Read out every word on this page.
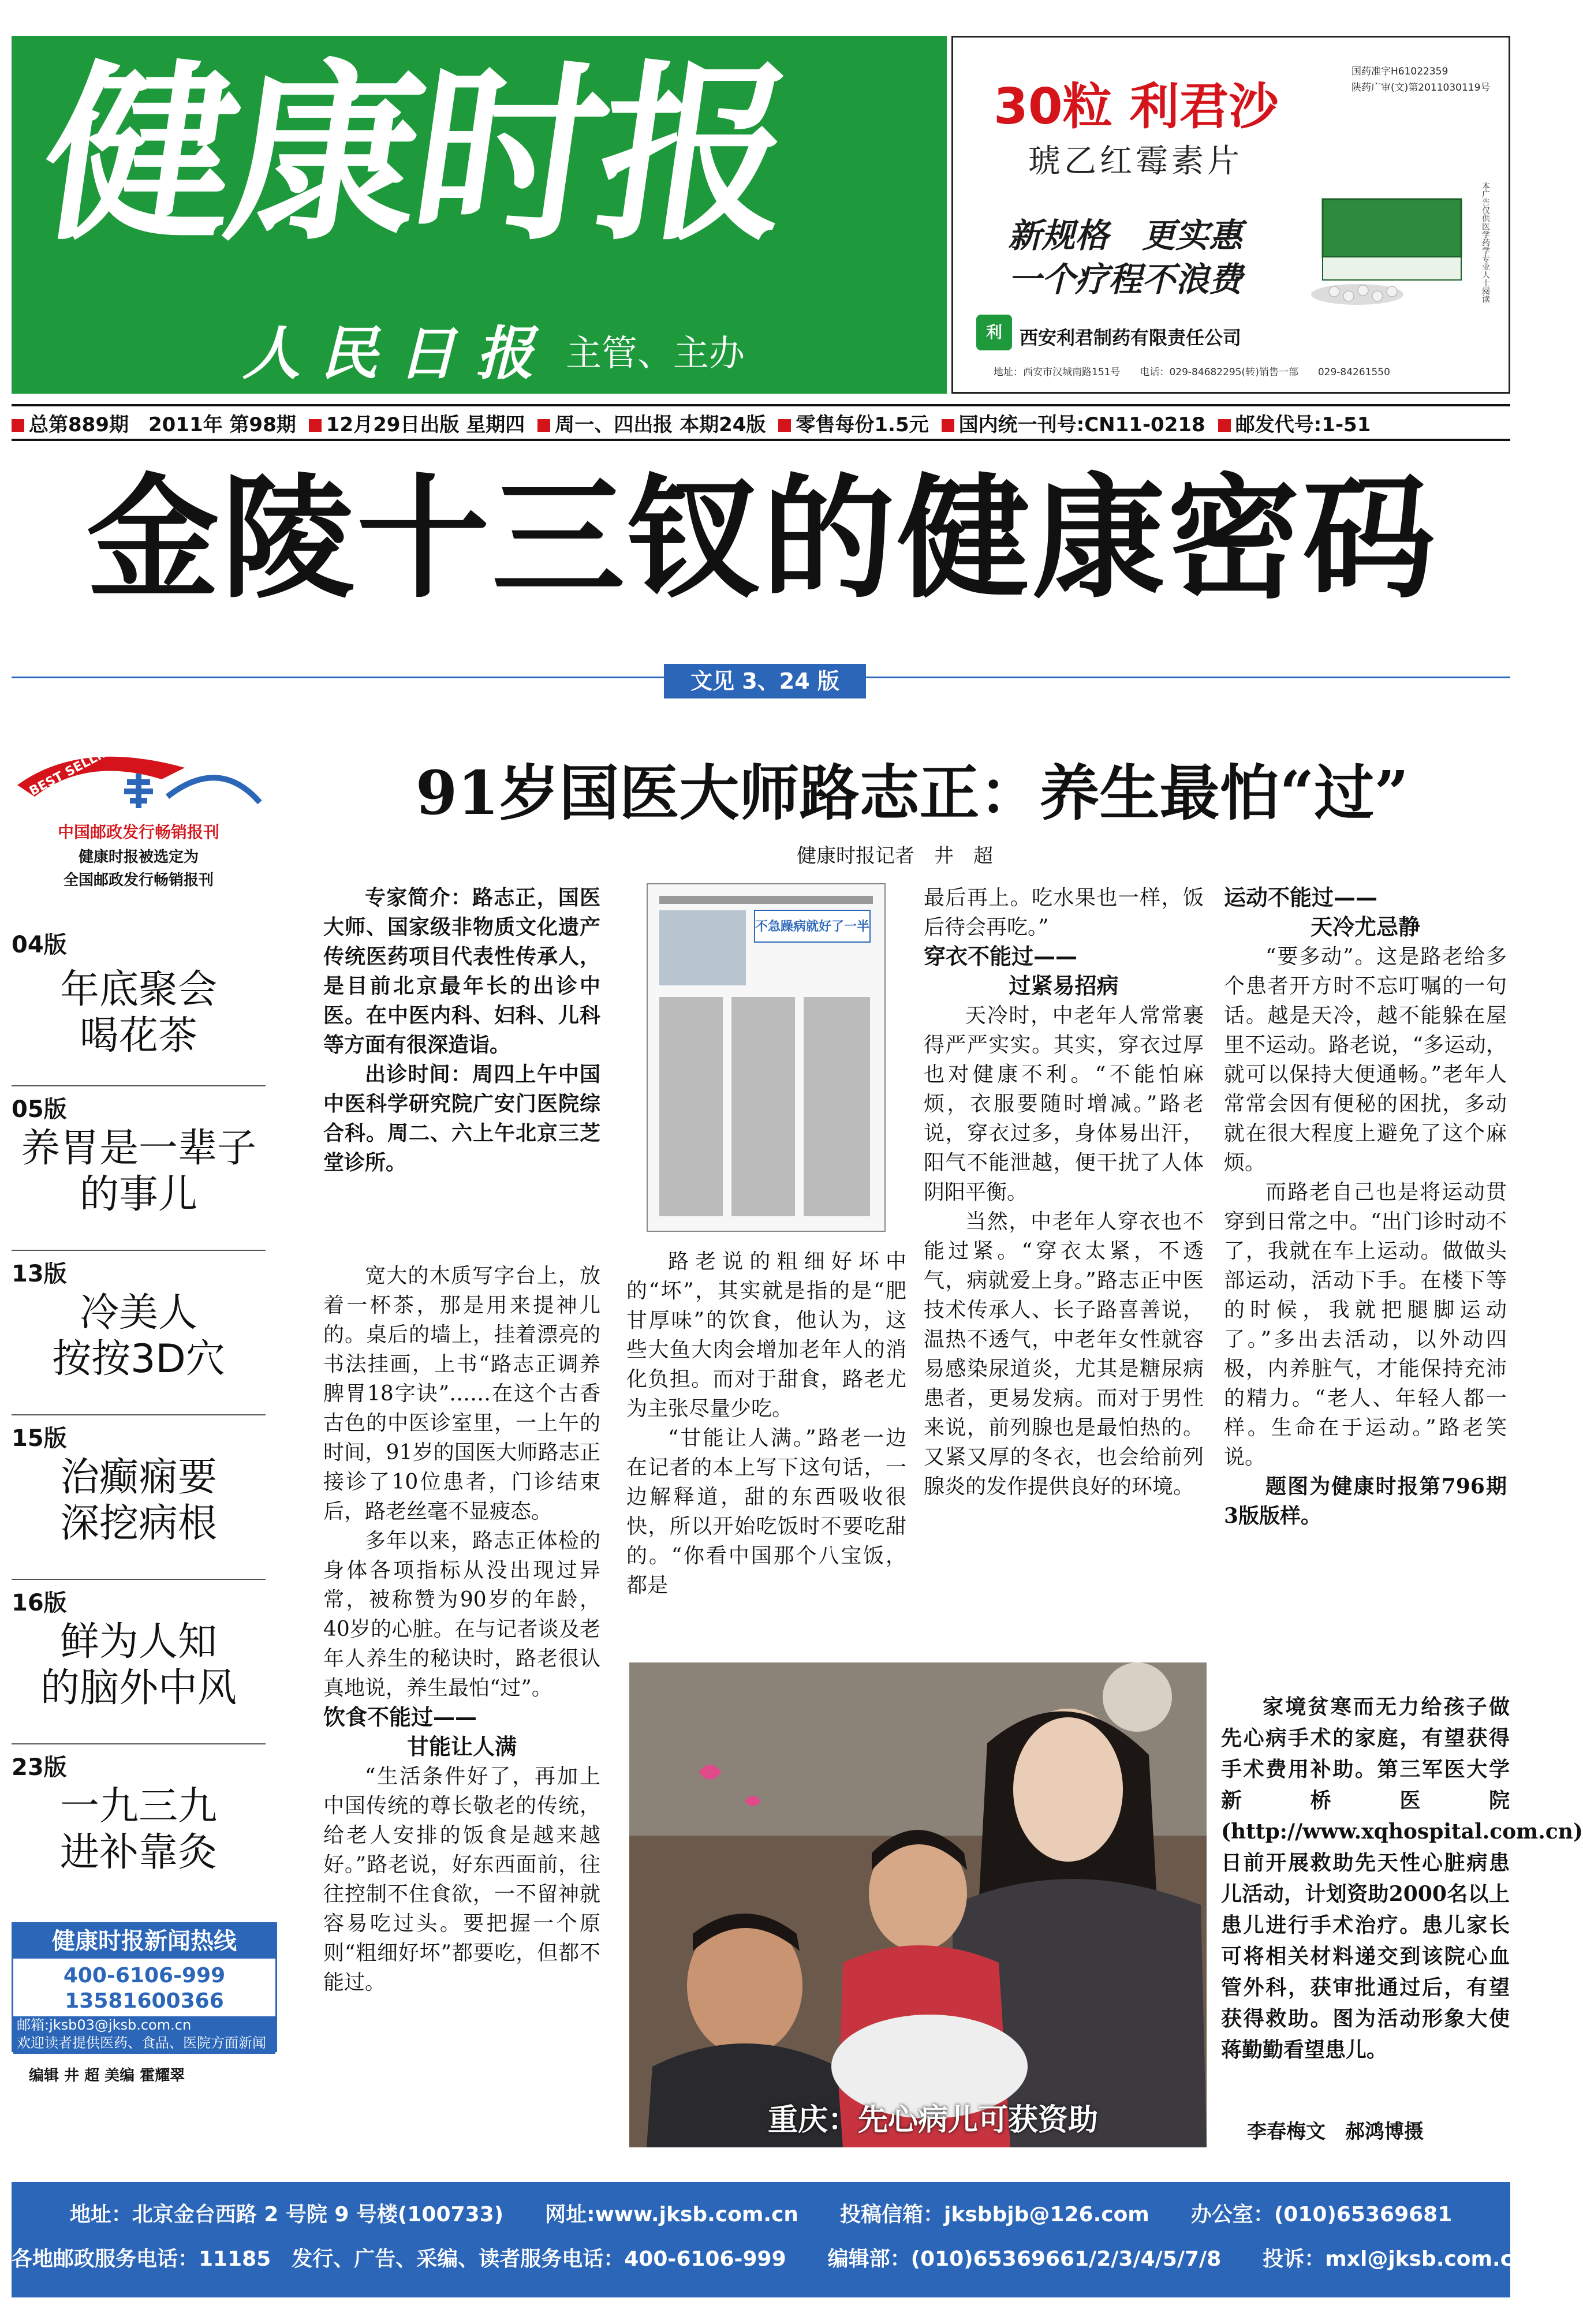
健康时报
人 民 日 报 主管、主办
30粒 利君沙
国药准字H61022359
陕药广审(文)第2011030119号
琥乙红霉素片
新规格　更实惠
一个疗程不浪费	本广告仅供医学药学专业人士阅读
利 西安利君制药有限责任公司
地址：西安市汉城南路151号　　电话：029-84682295(转)销售一部　　029-84261550
总第889期　2011年 第98期	12月29日出版 星期四	周一、四出报 本期24版	零售每份1.5元	国内统一刊号:CN11-0218	邮发代号:1-51
金陵十三钗的健康密码
文见 3、24 版
BEST SELLING
中国邮政发行畅销报刊
健康时报被选定为
全国邮政发行畅销报刊
04版
年底聚会
喝花茶
05版
养胃是一辈子
的事儿
13版
冷美人
按按3D穴
15版
治癫痫要
深挖病根
16版
鲜为人知
的脑外中风
23版
一九三九
进补靠灸
健康时报新闻热线
400-6106-999
13581600366
邮箱:jksb03@jksb.com.cn
欢迎读者提供医药、食品、医院方面新闻线索。
编辑 井 超 美编 霍耀翠
91岁国医大师路志正：养生最怕“过”
健康时报记者　井　超

专家简介：路志正，国医大师、国家级非物质文化遗产传统医药项目代表性传承人，是目前北京最年长的出诊中医。在中医内科、妇科、儿科等方面有很深造诣。

出诊时间：周四上午中国中医科学研究院广安门医院综合科。周二、六上午北京三芝堂诊所。

宽大的木质写字台上，放着一杯茶，那是用来提神儿的。桌后的墙上，挂着漂亮的书法挂画，上书“路志正调养脾胃18字诀”……在这个古香古色的中医诊室里，一上午的时间，91岁的国医大师路志正接诊了10位患者，门诊结束后，路老丝毫不显疲态。

多年以来，路志正体检的身体各项指标从没出现过异常，被称赞为90岁的年龄，40岁的心脏。在与记者谈及老年人养生的秘诀时，路老很认真地说，养生最怕“过”。

饮食不能过——

甘能让人满

“生活条件好了，再加上中国传统的尊长敬老的传统，给老人安排的饭食是越来越好。”路老说，好东西面前，往往控制不住食欲，一不留神就容易吃过头。要把握一个原则“粗细好坏”都要吃，但都不能过。

不急躁病就好了一半

路老说的粗细好坏中的“坏”，其实就是指的是“肥甘厚味”的饮食，他认为，这些大鱼大肉会增加老年人的消化负担。而对于甜食，路老尤为主张尽量少吃。

“甘能让人满。”路老一边在记者的本上写下这句话，一边解释道，甜的东西吸收很快，所以开始吃饭时不要吃甜的。“你看中国那个八宝饭，都是

最后再上。吃水果也一样，饭后待会再吃。”

穿衣不能过——

过紧易招病

天冷时，中老年人常常裹得严严实实。其实，穿衣过厚也对健康不利。“不能怕麻烦，衣服要随时增减。”路老说，穿衣过多，身体易出汗，阳气不能泄越，便干扰了人体阴阳平衡。

当然，中老年人穿衣也不能过紧。“穿衣太紧，不透气，病就爱上身。”路志正中医技术传承人、长子路喜善说，温热不透气，中老年女性就容易感染尿道炎，尤其是糖尿病患者，更易发病。而对于男性来说，前列腺也是最怕热的。又紧又厚的冬衣，也会给前列腺炎的发作提供良好的环境。

运动不能过——

天冷尤忌静

“要多动”。这是路老给多个患者开方时不忘叮嘱的一句话。越是天冷，越不能躲在屋里不运动。路老说，“多运动，就可以保持大便通畅。”老年人常常会因有便秘的困扰，多动就在很大程度上避免了这个麻烦。

而路老自己也是将运动贯穿到日常之中。“出门诊时动不了，我就在车上运动。做做头部运动，活动下手。在楼下等的时候，我就把腿脚运动了。”多出去活动，以外动四极，内养脏气，才能保持充沛的精力。“老人、年轻人都一样。生命在于运动。”路老笑说。

题图为健康时报第796期3版版样。

重庆：先心病儿可获资助

家境贫寒而无力给孩子做先心病手术的家庭，有望获得手术费用补助。第三军医大学新桥医院(http://www.xqhospital.com.cn)日前开展救助先天性心脏病患儿活动，计划资助2000名以上患儿进行手术治疗。患儿家长可将相关材料递交到该院心血管外科，获审批通过后，有望获得救助。图为活动形象大使蒋勤勤看望患儿。

李春梅文　郝鸿博摄
地址：北京金台西路 2 号院 9 号楼(100733)　　网址:www.jksb.com.cn　　投稿信箱：jksbbjb@126.com　　办公室：(010)65369681
各地邮政服务电话：11185　发行、广告、采编、读者服务电话：400-6106-999　　编辑部：(010)65369661/2/3/4/5/7/8　　投诉：mxl@jksb.com.cn
